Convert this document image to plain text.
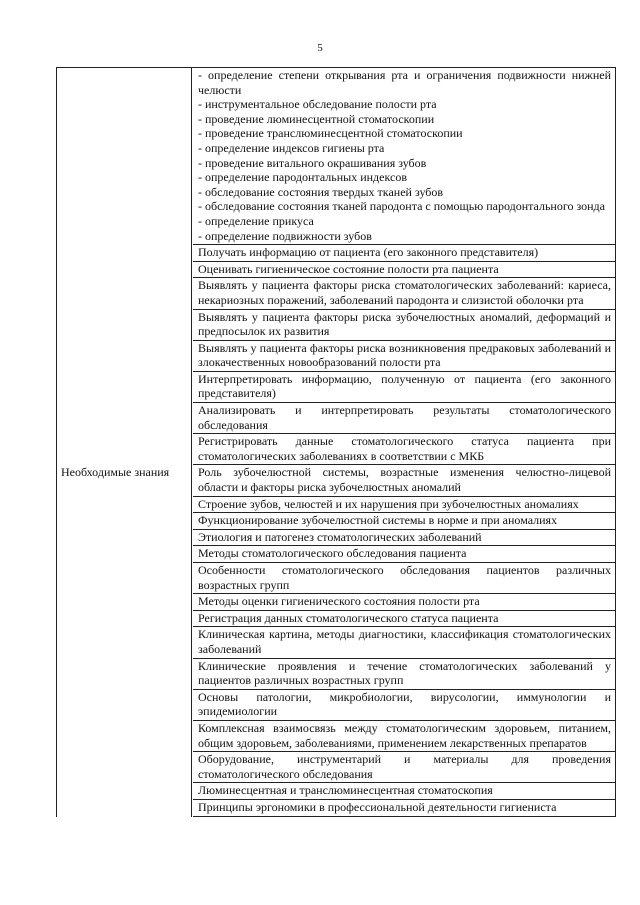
5
Необходимые знания
- определение степени открывания рта и ограничения подвижности нижней челюсти
- инструментальное обследование полости рта
- проведение люминесцентной стоматоскопии
- проведение транслюминесцентной стоматоскопии
- определение индексов гигиены рта
- проведение витального окрашивания зубов
- определение пародонтальных индексов
- обследование состояния твердых тканей зубов
- обследование состояния тканей пародонта с помощью пародонтального зонда
- определение прикуса
- определение подвижности зубов
Получать информацию от пациента (его законного представителя)
Оценивать гигиеническое состояние полости рта пациента
Выявлять у пациента факторы риска стоматологических заболеваний: кариеса, некариозных поражений, заболеваний пародонта и слизистой оболочки рта
Выявлять у пациента факторы риска зубочелюстных аномалий, деформаций и предпосылок их развития
Выявлять у пациента факторы риска возникновения предраковых заболеваний и злокачественных новообразований полости рта
Интерпретировать информацию, полученную от пациента (его законного представителя)
Анализировать и интерпретировать результаты стоматологического обследования
Регистрировать данные стоматологического статуса пациента при стоматологических заболеваниях в соответствии с МКБ
Роль зубочелюстной системы, возрастные изменения челюстно-лицевой области и факторы риска зубочелюстных аномалий
Строение зубов, челюстей и их нарушения при зубочелюстных аномалиях
Функционирование зубочелюстной системы в норме и при аномалиях
Этиология и патогенез стоматологических заболеваний
Методы стоматологического обследования пациента
Особенности стоматологического обследования пациентов различных возрастных групп
Методы оценки гигиенического состояния полости рта
Регистрация данных стоматологического статуса пациента
Клиническая картина, методы диагностики, классификация стоматологических заболеваний
Клинические проявления и течение стоматологических заболеваний у пациентов различных возрастных групп
Основы патологии, микробиологии, вирусологии, иммунологии и эпидемиологии
Комплексная взаимосвязь между стоматологическим здоровьем, питанием, общим здоровьем, заболеваниями, применением лекарственных препаратов
Оборудование, инструментарий и материалы для проведения стоматологического обследования
Люминесцентная и транслюминесцентная стоматоскопия
Принципы эргономики в профессиональной деятельности гигиениста
